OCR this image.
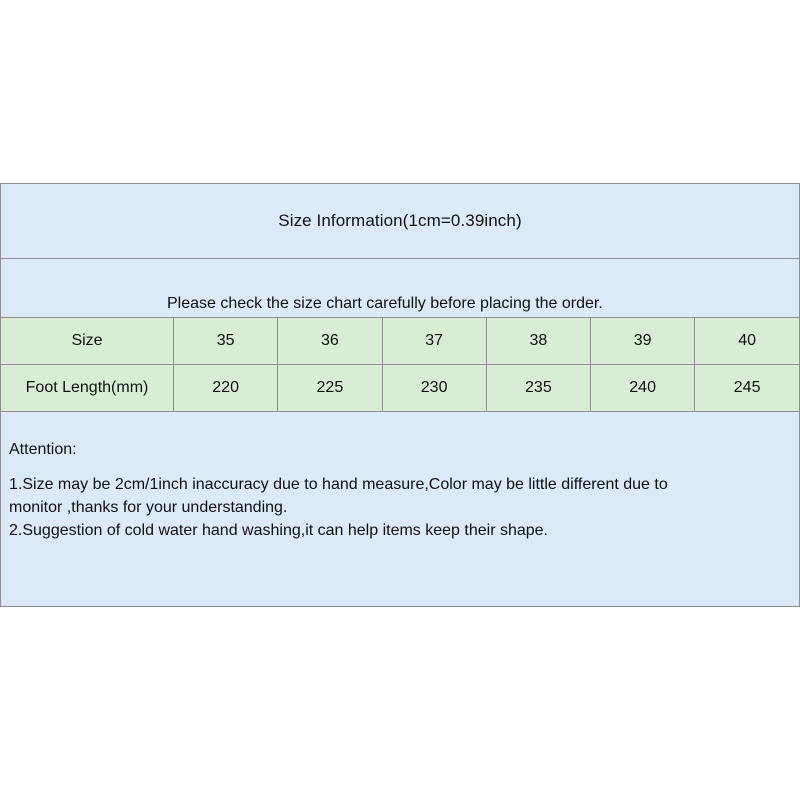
Size Information(1cm=0.39inch)
Please check the size chart carefully before placing the order.
Size	35	36	37	38	39	40
Foot Length(mm)	220	225	230	235	240	245
Attention:
1.Size may be 2cm/1inch inaccuracy due to hand measure,Color may be little different due to
monitor ,thanks for your understanding.
2.Suggestion of cold water hand washing,it can help items keep their shape.
